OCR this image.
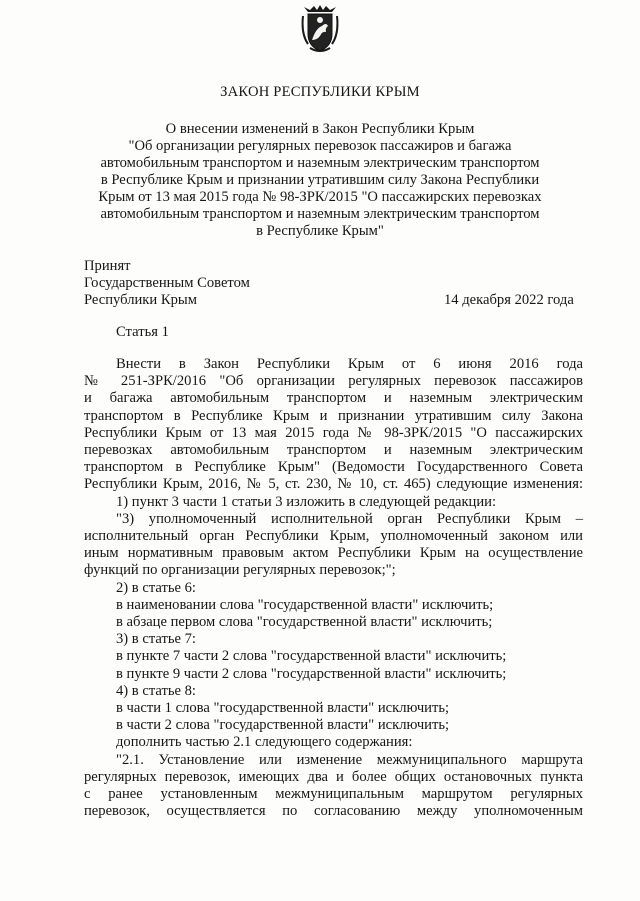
ЗАКОН РЕСПУБЛИКИ КРЫМ
О внесении изменений в Закон Республики Крым
"Об организации регулярных перевозок пассажиров и багажа
автомобильным транспортом и наземным электрическим транспортом
в Республике Крым и признании утратившим силу Закона Республики
Крым от 13 мая 2015 года № 98-ЗРК/2015 "О пассажирских перевозках
автомобильным транспортом и наземным электрическим транспортом
в Республике Крым"
Принят
Государственным Советом
Республики Крым	14 декабря 2022 года
Статья 1
Внести в Закон Республики Крым от 6 июня 2016 года
№ 251-ЗРК/2016 "Об организации регулярных перевозок пассажиров
и багажа автомобильным транспортом и наземным электрическим
транспортом в Республике Крым и признании утратившим силу Закона
Республики Крым от 13 мая 2015 года № 98-ЗРК/2015 "О пассажирских
перевозках автомобильным транспортом и наземным электрическим
транспортом в Республике Крым" (Ведомости Государственного Совета
Республики Крым, 2016, № 5, ст. 230, № 10, ст. 465) следующие изменения:
1) пункт 3 части 1 статьи 3 изложить в следующей редакции:
"3) уполномоченный исполнительной орган Республики Крым –
исполнительный орган Республики Крым, уполномоченный законом или
иным нормативным правовым актом Республики Крым на осуществление
функций по организации регулярных перевозок;";
2) в статье 6:
в наименовании слова "государственной власти" исключить;
в абзаце первом слова "государственной власти" исключить;
3) в статье 7:
в пункте 7 части 2 слова "государственной власти" исключить;
в пункте 9 части 2 слова "государственной власти" исключить;
4) в статье 8:
в части 1 слова "государственной власти" исключить;
в части 2 слова "государственной власти" исключить;
дополнить частью 2.1 следующего содержания:
"2.1. Установление или изменение межмуниципального маршрута
регулярных перевозок, имеющих два и более общих остановочных пункта
с ранее установленным межмуниципальным маршрутом регулярных
перевозок, осуществляется по согласованию между уполномоченным
